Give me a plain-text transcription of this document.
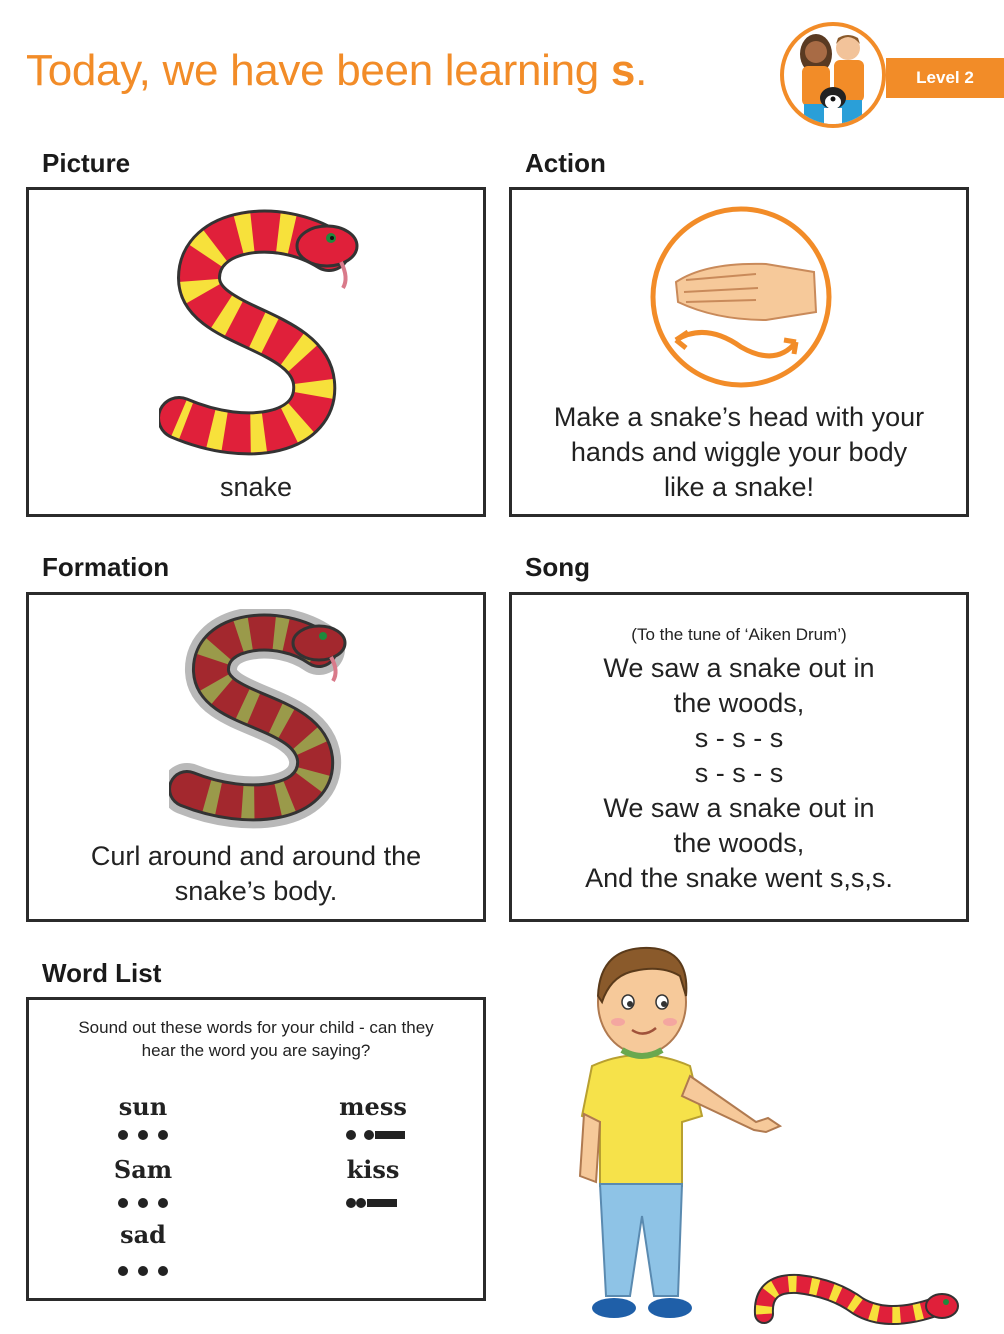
Today, we have been learning s.	Level 2
Picture	Action
Formation	Song
Word List
snake
Make a snake’s head with your
hands and wiggle your body
like a snake!
Curl around and around the
snake’s body.
(To the tune of ‘Aiken Drum’)
We saw a snake out in
the woods,
s - s - s
s - s - s
We saw a snake out in
the woods,
And the snake went s,s,s.
Sound out these words for your child - can they
hear the word you are saying?
sun
Sam
sad
mess
kiss
